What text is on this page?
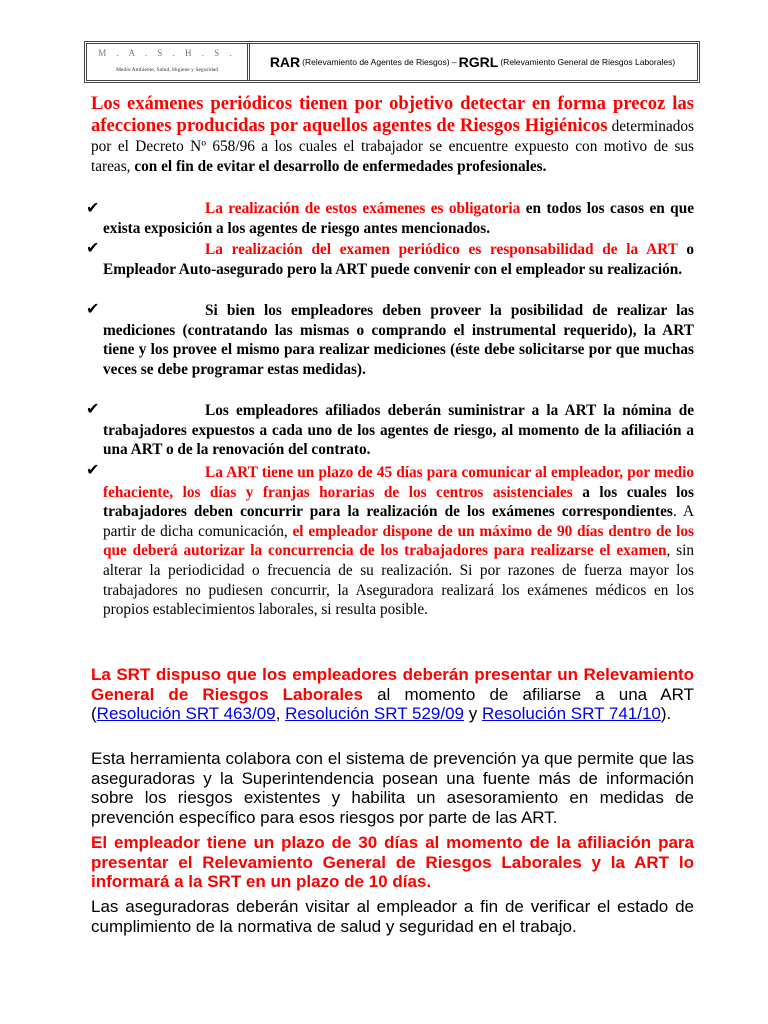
M . A . S . H . S .
Medio Ambiente, Salud, Higiene y Seguridad	RAR (Relevamiento de Agentes de Riesgos) – RGRL (Relevamiento General de Riesgos Laborales)
Los exámenes periódicos tienen por objetivo detectar en forma precoz las afecciones producidas por aquellos agentes de Riesgos Higiénicos determinados por el Decreto Nº 658/96 a los cuales el trabajador se encuentre expuesto con motivo de sus tareas, con el fin de evitar el desarrollo de enfermedades profesionales.
✔	La realización de estos exámenes es obligatoria en todos los casos en que exista exposición a los agentes de riesgo antes mencionados.
✔	La realización del examen periódico es responsabilidad de la ART o Empleador Auto-asegurado pero la ART puede convenir con el empleador su realización.
✔	Si bien los empleadores deben proveer la posibilidad de realizar las mediciones (contratando las mismas o comprando el instrumental requerido), la ART tiene y los provee el mismo para realizar mediciones (éste debe solicitarse por que muchas veces se debe programar estas medidas).
✔	Los empleadores afiliados deberán suministrar a la ART la nómina de trabajadores expuestos a cada uno de los agentes de riesgo, al momento de la afiliación a una ART o de la renovación del contrato.
✔	La ART tiene un plazo de 45 días para comunicar al empleador, por medio fehaciente, los días y franjas horarias de los centros asistenciales a los cuales los trabajadores deben concurrir para la realización de los exámenes correspondientes. A partir de dicha comunicación, el empleador dispone de un máximo de 90 días dentro de los que deberá autorizar la concurrencia de los trabajadores para realizarse el examen, sin alterar la periodicidad o frecuencia de su realización. Si por razones de fuerza mayor los trabajadores no pudiesen concurrir, la Aseguradora realizará los exámenes médicos en los propios establecimientos laborales, si resulta posible.
La SRT dispuso que los empleadores deberán presentar un Relevamiento General de Riesgos Laborales al momento de afiliarse a una ART (Resolución SRT 463/09, Resolución SRT 529/09 y Resolución SRT 741/10).
Esta herramienta colabora con el sistema de prevención ya que permite que las aseguradoras y la Superintendencia posean una fuente más de información sobre los riesgos existentes y habilita un asesoramiento en medidas de prevención específico para esos riesgos por parte de las ART.
El empleador tiene un plazo de 30 días al momento de la afiliación para presentar el Relevamiento General de Riesgos Laborales y la ART lo informará a la SRT en un plazo de 10 días.
Las aseguradoras deberán visitar al empleador a fin de verificar el estado de cumplimiento de la normativa de salud y seguridad en el trabajo.
